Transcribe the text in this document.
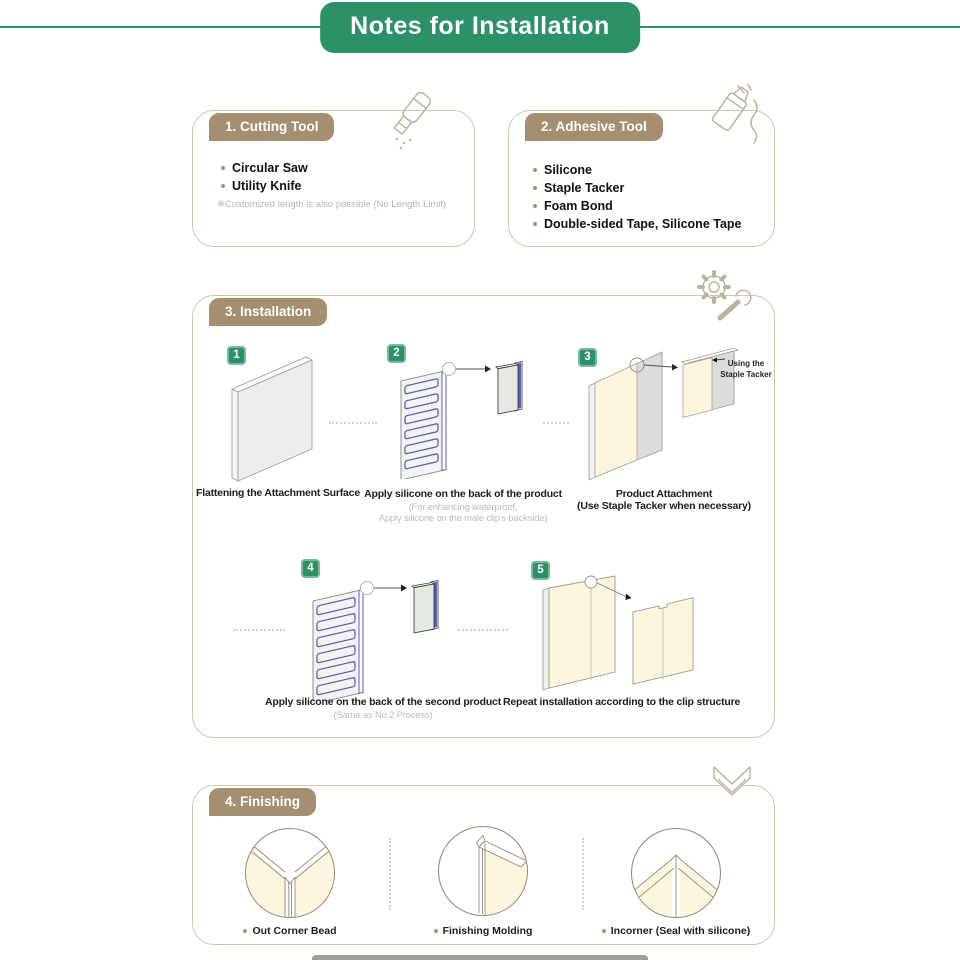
Notes for Installation
1. Cutting Tool
Circular Saw
Utility Knife
※Customized length is also possible (No Length Limit)
2. Adhesive Tool
Silicone
Staple Tacker
Foam Bond
Double-sided Tape, Silicone Tape
3. Installation
1
Flattening the Attachment Surface
2
Apply silicone on the back of the product
(For enhancing waterproof,
Apply silicone on the male clip's backside)
3
Using the Staple Tacker
Product Attachment
(Use Staple Tacker when necessary)
4
Apply silicone on the back of the second product
(Same as No.2 Process)
5
Repeat installation according to the clip structure
4. Finishing
Out Corner Bead	Finishing Molding	Incorner (Seal with silicone)
